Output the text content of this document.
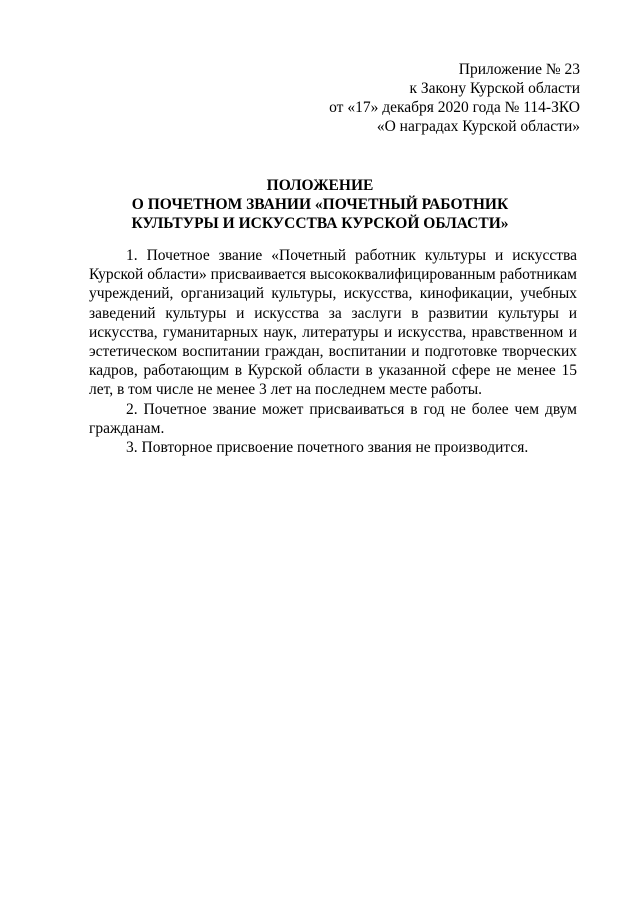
Приложение № 23
к Закону Курской области
от «17» декабря 2020 года № 114-ЗКО
«О наградах Курской области»
ПОЛОЖЕНИЕ
О ПОЧЕТНОМ ЗВАНИИ «ПОЧЕТНЫЙ РАБОТНИК
КУЛЬТУРЫ И ИСКУССТВА КУРСКОЙ ОБЛАСТИ»

1. Почетное звание «Почетный работник культуры и искусства Курской области» присваивается высококвалифицированным работникам учреждений, организаций культуры, искусства, кинофикации, учебных заведений культуры и искусства за заслуги в развитии культуры и искусства, гуманитарных наук, литературы и искусства, нравственном и эстетическом воспитании граждан, воспитании и подготовке творческих кадров, работающим в Курской области в указанной сфере не менее 15 лет, в том числе не менее 3 лет на последнем месте работы.

2. Почетное звание может присваиваться в год не более чем двум гражданам.

3. Повторное присвоение почетного звания не производится.
